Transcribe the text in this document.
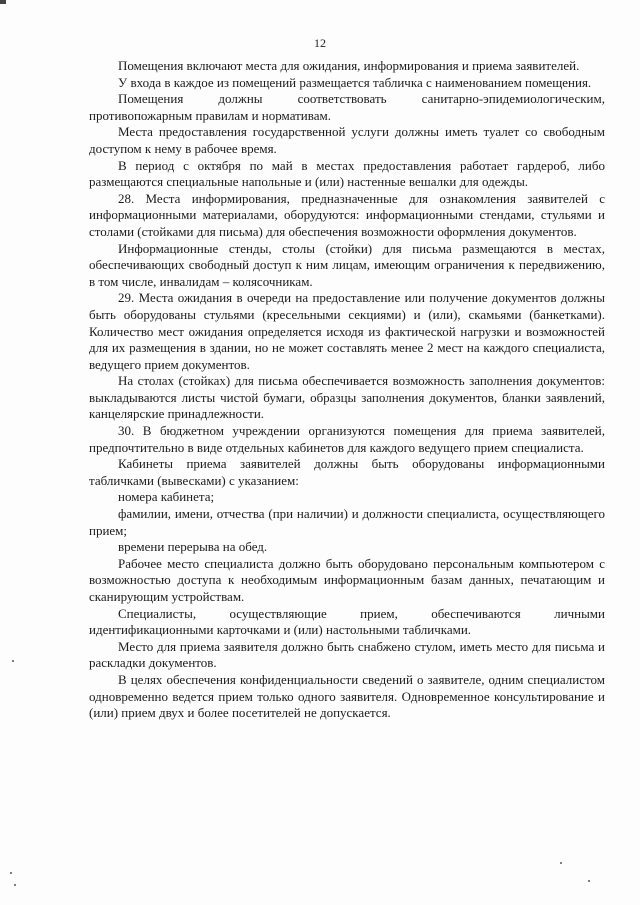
12

Помещения включают места для ожидания, информирования и приема заявителей.

У входа в каждое из помещений размещается табличка с наименованием помещения.

Помещения должны соответствовать санитарно-эпидемиологическим, противопожарным правилам и нормативам.

Места предоставления государственной услуги должны иметь туалет со свободным доступом к нему в рабочее время.

В период с октября по май в местах предоставления работает гардероб, либо размещаются специальные напольные и (или) настенные вешалки для одежды.

28. Места информирования, предназначенные для ознакомления заявителей с информационными материалами, оборудуются: информационными стендами, стульями и столами (стойками для письма) для обеспечения возможности оформления документов.

Информационные стенды, столы (стойки) для письма размещаются в местах, обеспечивающих свободный доступ к ним лицам, имеющим ограничения к передвижению, в том числе, инвалидам – колясочникам.

29. Места ожидания в очереди на предоставление или получение документов должны быть оборудованы стульями (кресельными секциями) и (или), скамьями (банкетками). Количество мест ожидания определяется исходя из фактической нагрузки и возможностей для их размещения в здании, но не может составлять менее 2 мест на каждого специалиста, ведущего прием документов.

На столах (стойках) для письма обеспечивается возможность заполнения документов: выкладываются листы чистой бумаги, образцы заполнения документов, бланки заявлений, канцелярские принадлежности.

30. В бюджетном учреждении организуются помещения для приема заявителей, предпочтительно в виде отдельных кабинетов для каждого ведущего прием специалиста.

Кабинеты приема заявителей должны быть оборудованы информационными табличками (вывесками) с указанием:

номера кабинета;

фамилии, имени, отчества (при наличии) и должности специалиста, осуществляющего прием;

времени перерыва на обед.

Рабочее место специалиста должно быть оборудовано персональным компьютером с возможностью доступа к необходимым информационным базам данных, печатающим и сканирующим устройствам.

Специалисты, осуществляющие прием, обеспечиваются личными идентификационными карточками и (или) настольными табличками.

Место для приема заявителя должно быть снабжено стулом, иметь место для письма и раскладки документов.

В целях обеспечения конфиденциальности сведений о заявителе, одним специалистом одновременно ведется прием только одного заявителя. Одновременное консультирование и (или) прием двух и более посетителей не допускается.
